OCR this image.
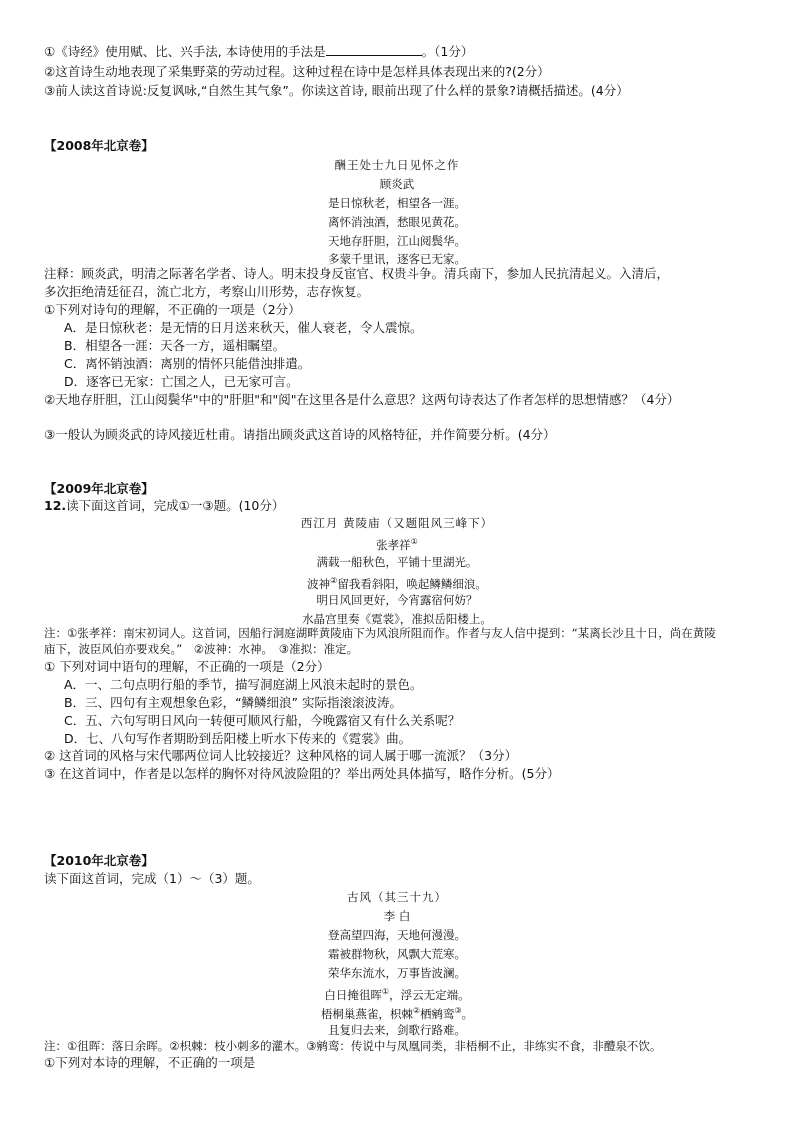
①《诗经》使用赋、比、兴手法, 本诗使用的手法是	。（1分）
②这首诗生动地表现了采集野菜的劳动过程。这种过程在诗中是怎样具体表现出来的?(2分）
③前人读这首诗说:反复讽咏,“自然生其气象”。你读这首诗, 眼前出现了什么样的景象?请概括描述。(4分）
【2008年北京卷】
酬王处士九日见怀之作
顾炎武
是日惊秋老，相望各一涯。
离怀消浊酒，愁眼见黄花。
天地存肝胆，江山阅鬓华。
多蒙千里讯，逐客已无家。
注释：顾炎武，明清之际著名学者、诗人。明末投身反宦官、权贵斗争。清兵南下，参加人民抗清起义。入清后，
多次拒绝清廷征召，流亡北方，考察山川形势，志存恢复。
①下列对诗句的理解，不正确的一项是（2分）
A．是日惊秋老：是无情的日月送来秋天，催人衰老，令人震惊。
B．相望各一涯：天各一方，遥相瞩望。
C．离怀销浊酒：离别的情怀只能借浊排遣。
D．逐客已无家：亡国之人，已无家可言。
②天地存肝胆，江山阅鬓华"中的"肝胆"和"阅"在这里各是什么意思？这两句诗表达了作者怎样的思想情感？（4分）
③一般认为顾炎武的诗风接近杜甫。请指出顾炎武这首诗的风格特征，并作简要分析。(4分）
【2009年北京卷】
12.读下面这首词，完成①一③题。(10分）
西江月 黄陵庙（又题阻风三峰下）
张孝祥①
满载一船秋色，平铺十里湖光。
波神②留我看斜阳，唤起鳞鳞细浪。
明日风回更好，今宵露宿何妨？
水晶宫里奏《霓裳》，准拟岳阳楼上。
注：①张孝祥：南宋初词人。这首词，因船行洞庭湖畔黄陵庙下为风浪所阻而作。作者与友人信中提到：“某离长沙且十日，尚在黄陵
庙下，波臣风伯亦要戏矣。”　②波神：水神。　③准拟：准定。
① 下列对词中语句的理解，不正确的一项是（2分）
A．一、二句点明行船的季节，描写洞庭湖上风浪未起时的景色。
B．三、四句有主观想象色彩，“鳞鳞细浪” 实际指滚滚波涛。
C．五、六句写明日风向一转便可顺风行船，今晚露宿又有什么关系呢？
D．七、八句写作者期盼到岳阳楼上听水下传来的《霓裳》曲。
② 这首词的风格与宋代哪两位词人比较接近？这种风格的词人属于哪一流派？（3分）
③ 在这首词中，作者是以怎样的胸怀对待风波险阻的？举出两处具体描写，略作分析。(5分）
【2010年北京卷】
读下面这首词，完成（1）～（3）题。
古风（其三十九）
李 白
登高望四海，天地何漫漫。
霜被群物秋，风飘大荒寒。
荣华东流水，万事皆波澜。
白日掩徂晖①，浮云无定端。
梧桐巢燕雀，枳棘②栖鹓鸾③。
且复归去来，剑歌行路难。
注：①徂晖：落日余晖。②枳棘：枝小刺多的灌木。③鹓鸾：传说中与凤凰同类，非梧桐不止，非练实不食，非醴泉不饮。
①下列对本诗的理解，不正确的一项是
